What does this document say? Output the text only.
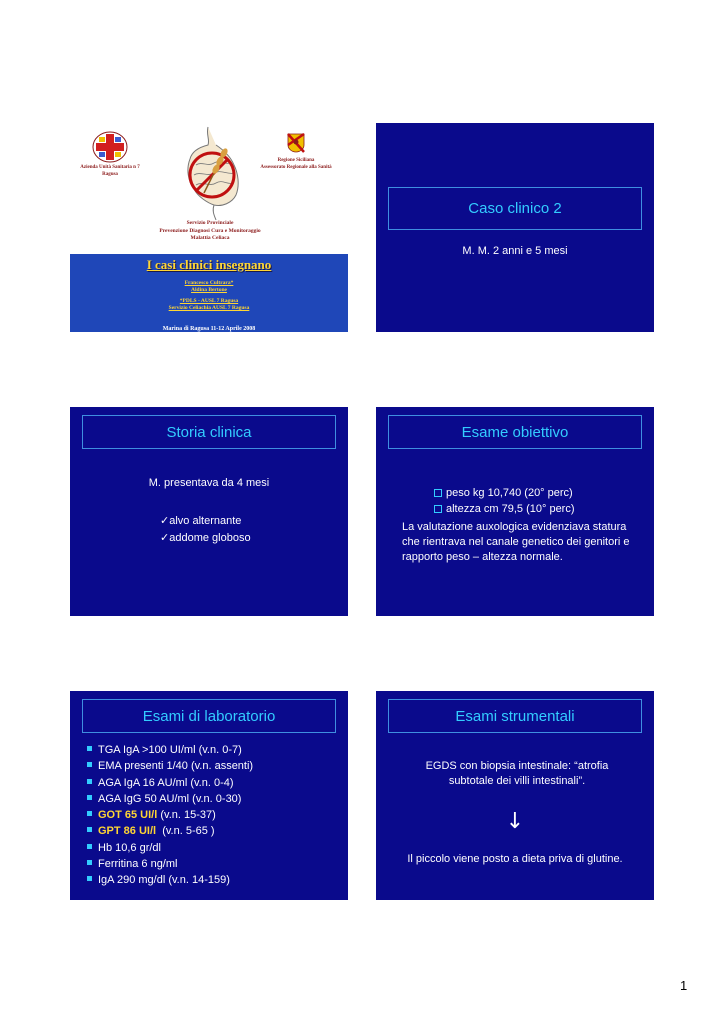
Azienda Unità Sanitaria n 7
Ragusa
Regione Siciliana
Assessorato Regionale alla Sanità
Servizio Provinciale
Prevenzione Diagnosi Cura e Monitoraggio
Malattia Celiaca
I casi clinici insegnano
Francesco Cultrara*
Aldina Bertone
*PDLS - AUSL 7 Ragusa
Servizio Celiachia AUSL 7 Ragusa
Marina di Ragusa 11-12 Aprile 2008
Caso clinico 2
M. M. 2 anni e 5 mesi
Storia clinica
M. presentava da 4 mesi
✓alvo alternante
✓addome globoso
Esame obiettivo
peso kg 10,740 (20° perc)
altezza cm 79,5 (10° perc)
La valutazione auxologica evidenziava statura che rientrava nel canale genetico dei genitori e rapporto peso – altezza normale.
Esami di laboratorio
TGA IgA >100 UI/ml (v.n. 0-7)
EMA presenti 1/40 (v.n. assenti)
AGA IgA 16 AU/ml (v.n. 0-4)
AGA IgG 50 AU/ml (v.n. 0-30)
GOT 65 UI/l (v.n. 15-37)
GPT 86 UI/l  (v.n. 5-65 )
Hb 10,6 gr/dl
Ferritina 6 ng/ml
IgA 290 mg/dl (v.n. 14-159)
Esami strumentali
EGDS con biopsia intestinale: “atrofia subtotale dei villi intestinali”.
↓
Il piccolo viene posto a dieta priva di glutine.
1
